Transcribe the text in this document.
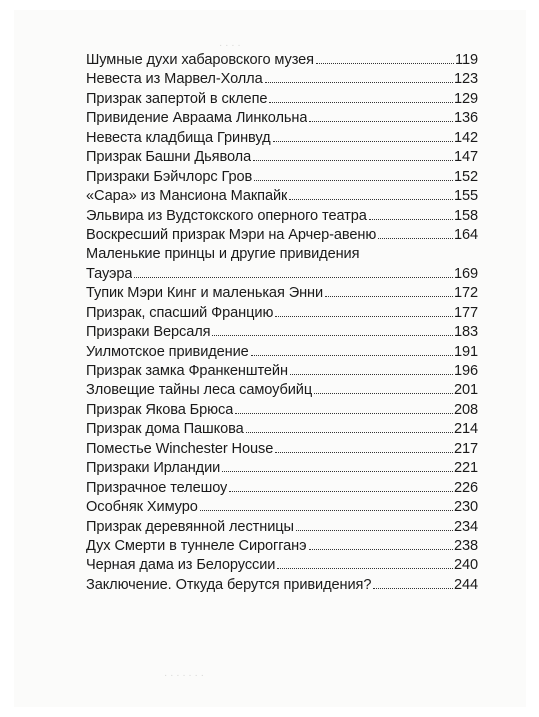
· · · ·
· · · · · · ·
Шумные духи хабаровского музея	119
Невеста из Марвел-Холла	123
Призрак запертой в склепе	129
Привидение Авраама Линкольна	136
Невеста кладбища Гринвуд	142
Призрак Башни Дьявола	147
Призраки Бэйчлорс Гров	152
«Сара» из Мансиона Макпайк	155
Эльвира из Вудстокского оперного театра	158
Воскресший призрак Мэри на Арчер-авеню	164
Маленькие принцы и другие привидения
Тауэра	169
Тупик Мэри Кинг и маленькая Энни	172
Призрак, спасший Францию	177
Призраки Версаля	183
Уилмотское привидение	191
Призрак замка Франкенштейн	196
Зловещие тайны леса самоубийц	201
Призрак Якова Брюса	208
Призрак дома Пашкова	214
Поместье Winchester House	217
Призраки Ирландии	221
Призрачное телешоу	226
Особняк Химуро	230
Призрак деревянной лестницы	234
Дух Смерти в туннеле Сирогганэ	238
Черная дама из Белоруссии	240
Заключение. Откуда берутся привидения?	244
